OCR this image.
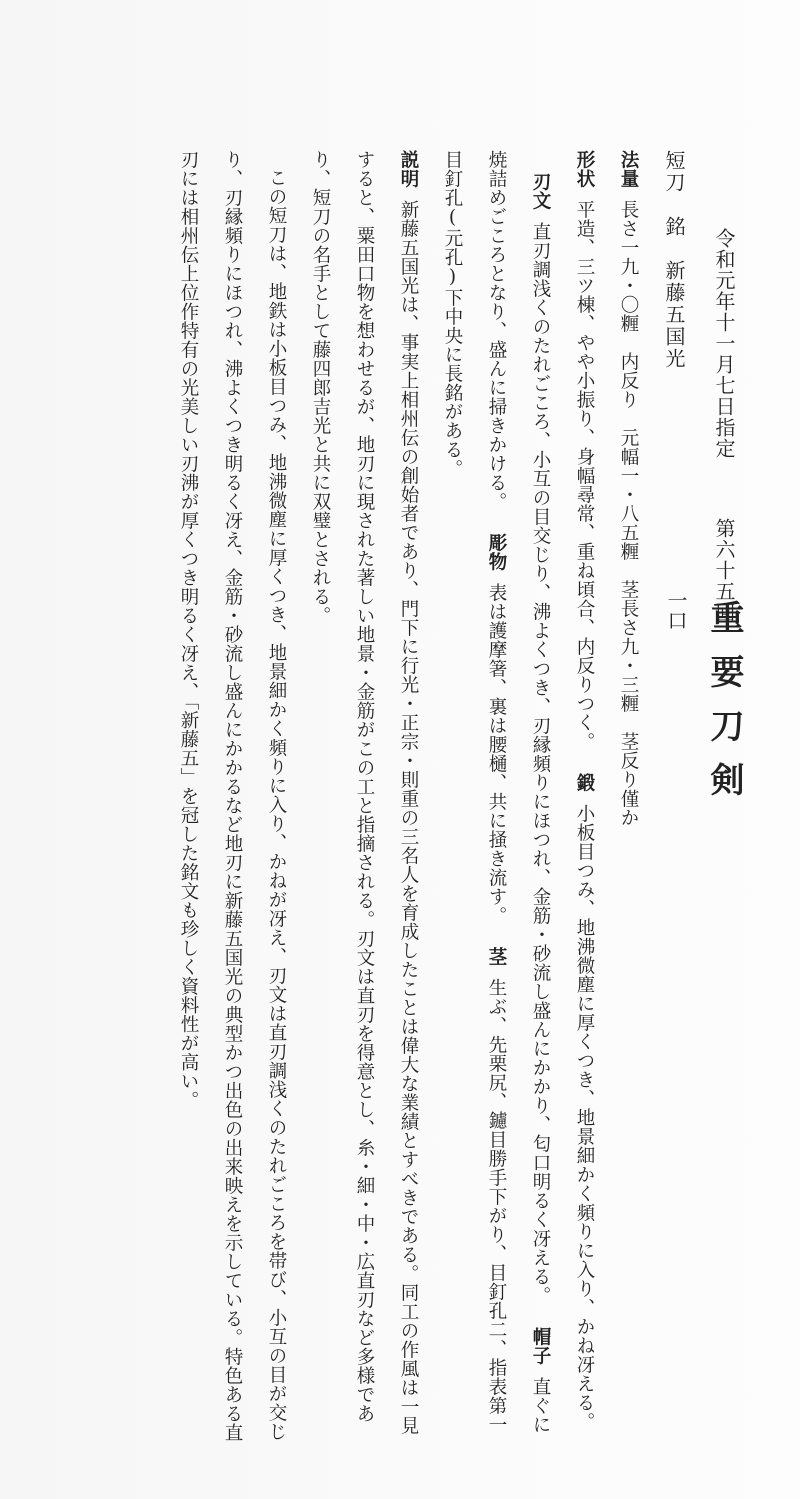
令和元年十一月七日指定
第六十五回
重要刀剣
短刀　銘　新藤五国光
一口

法量長さ一九・〇糎　内反り　元幅一・八五糎　茎長さ九・三糎　茎反り僅か

形状平造、三ツ棟、やや小振り、身幅尋常、重ね頃合、内反りつく。鍛小板目つみ、地沸微塵に厚くつき、地景細かく頻りに入り、かね冴える。刃文直刃調浅くのたれごころ、小互の目交じり、沸よくつき、刃縁頻りにほつれ、金筋・砂流し盛んにかかり、匂口明るく冴える。帽子直ぐに焼詰めごころとなり、盛んに掃きかける。彫物表は護摩箸、裏は腰樋、共に掻き流す。茎生ぶ、先栗尻、鑢目勝手下がり、目釘孔二、指表第一目釘孔(元孔)下中央に長銘がある。

説明新藤五国光は、事実上相州伝の創始者であり、門下に行光・正宗・則重の三名人を育成したことは偉大な業績とすべきである。同工の作風は一見すると、粟田口物を想わせるが、地刃に現された著しい地景・金筋がこの工と指摘される。刃文は直刃を得意とし、糸・細・中・広直刃など多様であり、短刀の名手として藤四郎吉光と共に双璧とされる。

この短刀は、地鉄は小板目つみ、地沸微塵に厚くつき、地景細かく頻りに入り、かねが冴え、刃文は直刃調浅くのたれごころを帯び、小互の目が交じり、刃縁頻りにほつれ、沸よくつき明るく冴え、金筋・砂流し盛んにかかるなど地刃に新藤五国光の典型かつ出色の出来映えを示している。特色ある直刃には相州伝上位作特有の光美しい刃沸が厚くつき明るく冴え、「新藤五」を冠した銘文も珍しく資料性が高い。
